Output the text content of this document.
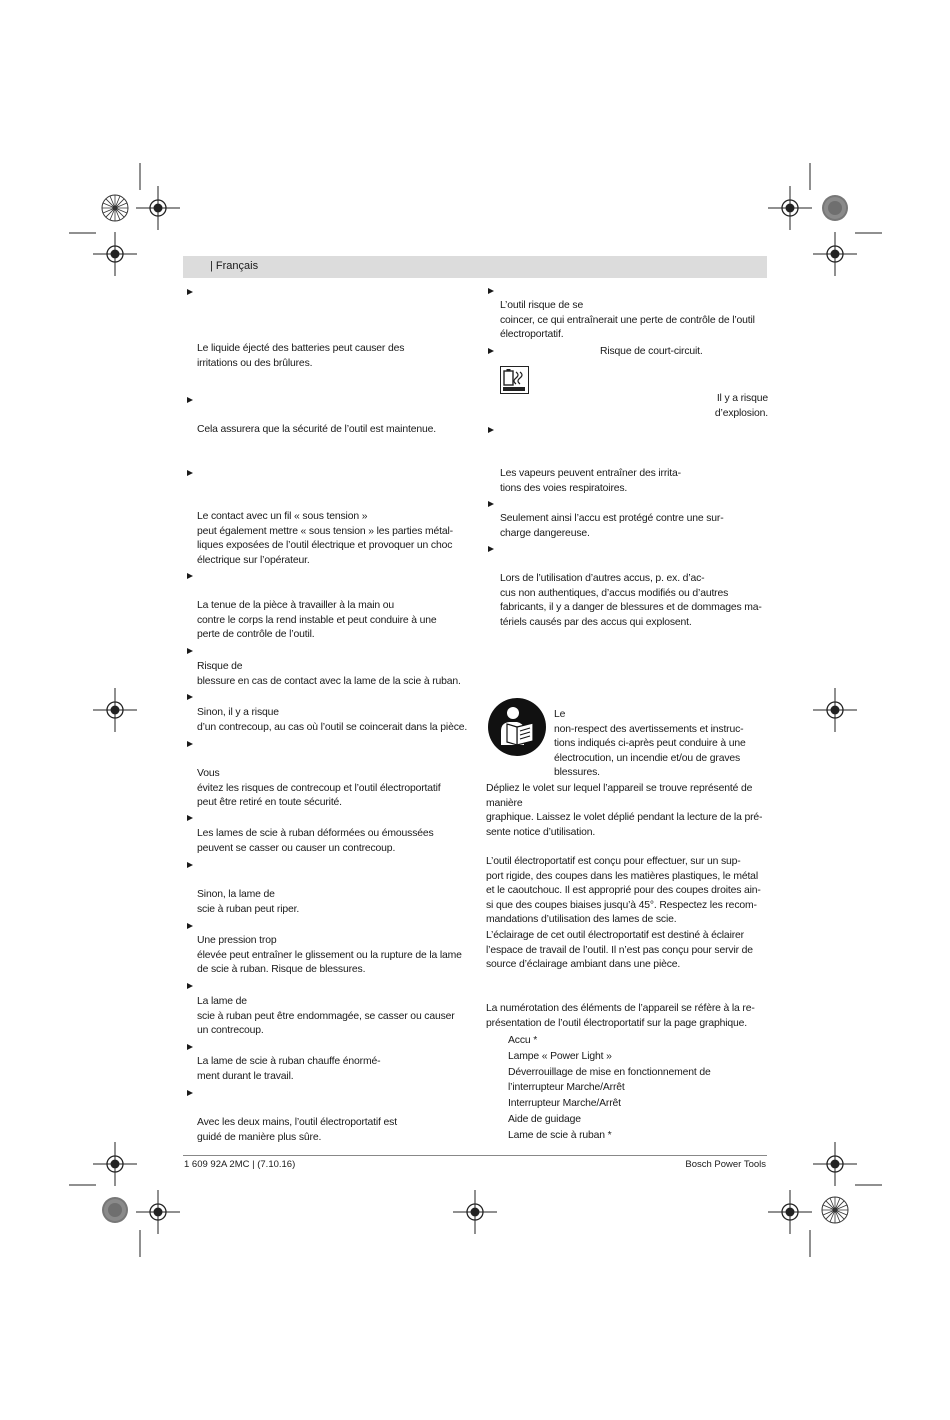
| Français
Le liquide éjecté des batteries peut causer des
irritations ou des brûlures.
Cela assurera que la sécurité de l’outil est maintenue.
Le contact avec un fil « sous tension »
peut également mettre « sous tension » les parties métal-
liques exposées de l’outil électrique et provoquer un choc
électrique sur l’opérateur.
La tenue de la pièce à travailler à la main ou
contre le corps la rend instable et peut conduire à une
perte de contrôle de l’outil.
Risque de
blessure en cas de contact avec la lame de la scie à ruban.
Sinon, il y a risque
d’un contrecoup, au cas où l’outil se coincerait dans la pièce.
Vous
évitez les risques de contrecoup et l’outil électroportatif
peut être retiré en toute sécurité.
Les lames de scie à ruban déformées ou émoussées
peuvent se casser ou causer un contrecoup.
Sinon, la lame de
scie à ruban peut riper.
Une pression trop
élevée peut entraîner le glissement ou la rupture de la lame
de scie à ruban. Risque de blessures.
La lame de
scie à ruban peut être endommagée, se casser ou causer
un contrecoup.
La lame de scie à ruban chauffe énormé-
ment durant le travail.
Avec les deux mains, l’outil électroportatif est
guidé de manière plus sûre.
L’outil risque de se
coincer, ce qui entraînerait une perte de contrôle de l’outil
électroportatif.
Risque de court-circuit.
Il y a risque
d’explosion.
Les vapeurs peuvent entraîner des irrita-
tions des voies respiratoires.
Seulement ainsi l’accu est protégé contre une sur-
charge dangereuse.
Lors de l’utilisation d’autres accus, p. ex. d’ac-
cus non authentiques, d’accus modifiés ou d’autres
fabricants, il y a danger de blessures et de dommages ma-
tériels causés par des accus qui explosent.
Le
non-respect des avertissements et instruc-
tions indiqués ci-après peut conduire à une
électrocution, un incendie et/ou de graves
blessures.
Dépliez le volet sur lequel l’appareil se trouve représenté de manière
graphique. Laissez le volet déplié pendant la lecture de la pré-
sente notice d’utilisation.
L’outil électroportatif est conçu pour effectuer, sur un sup-
port rigide, des coupes dans les matières plastiques, le métal
et le caoutchouc. Il est approprié pour des coupes droites ain-
si que des coupes biaises jusqu’à 45°. Respectez les recom-
mandations d’utilisation des lames de scie.
L’éclairage de cet outil électroportatif est destiné à éclairer
l’espace de travail de l’outil. Il n’est pas conçu pour servir de
source d’éclairage ambiant dans une pièce.
La numérotation des éléments de l’appareil se réfère à la re-
présentation de l’outil électroportatif sur la page graphique.
Accu *
Lampe « Power Light »
Déverrouillage de mise en fonctionnement de
l’interrupteur Marche/Arrêt
Interrupteur Marche/Arrêt
Aide de guidage
Lame de scie à ruban *
1 609 92A 2MC | (7.10.16)	Bosch Power Tools
